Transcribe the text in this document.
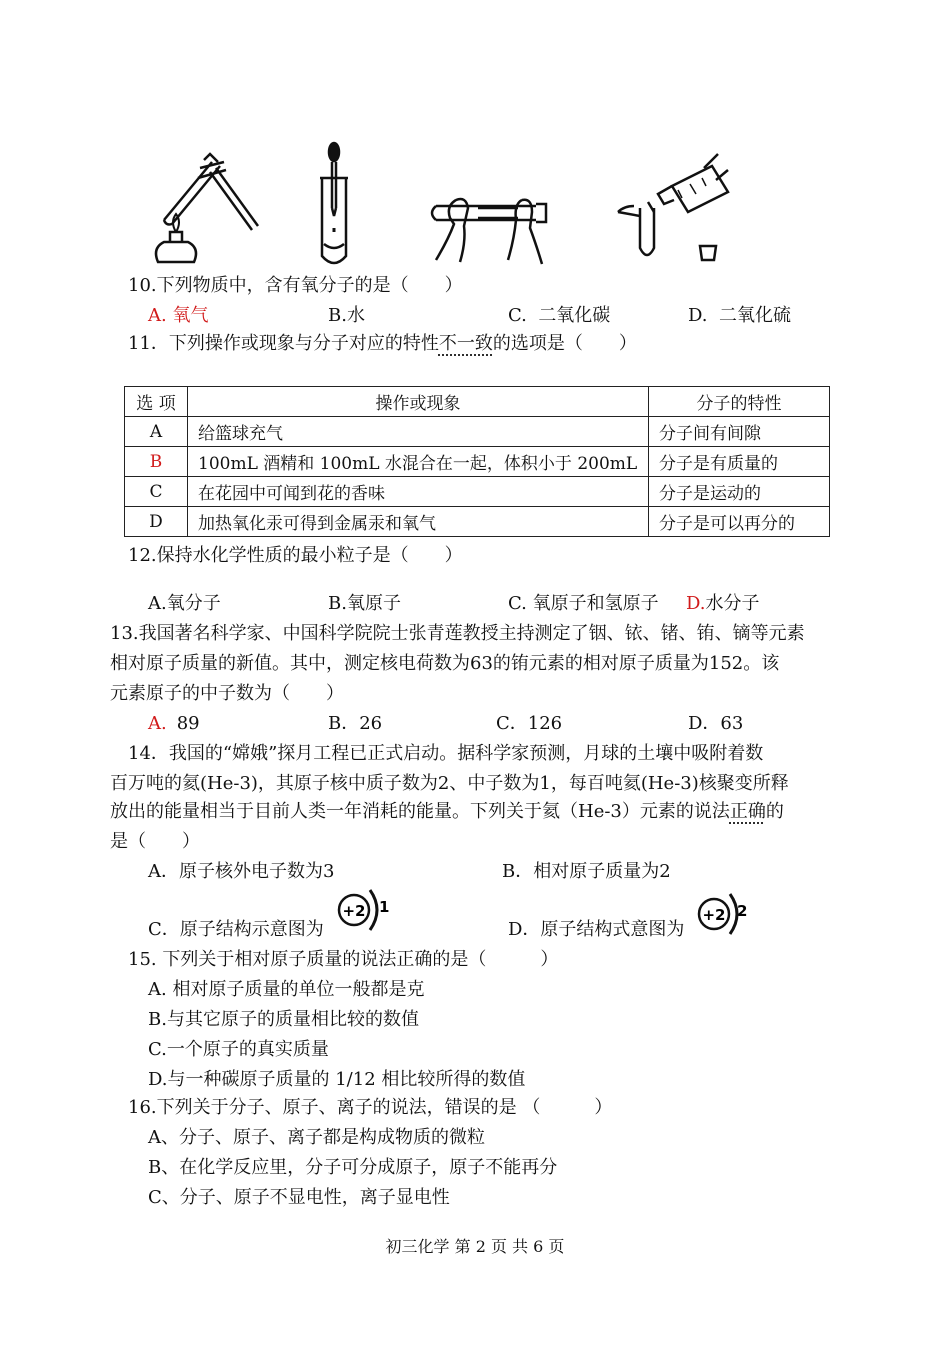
10.下列物质中，含有氧分子的是（　　）
A. 氧气	B.水	C. 二氧化碳	D. 二氧化硫
11．下列操作或现象与分子对应的特性不一致的选项是（　　）
选 项	操作或现象	分子的特性
A	给篮球充气	分子间有间隙
B	100mL 酒精和 100mL 水混合在一起，体积小于 200mL	分子是有质量的
C	在花园中可闻到花的香味	分子是运动的
D	加热氧化汞可得到金属汞和氧气	分子是可以再分的
12.保持水化学性质的最小粒子是（　　）
A.氧分子	B.氧原子	C. 氧原子和氢原子 D.水分子
13.我国著名科学家、中国科学院院士张青莲教授主持测定了铟、铱、锗、铕、镝等元素
相对原子质量的新值。其中，测定核电荷数为63的铕元素的相对原子质量为152。该
元素原子的中子数为（　　）
A. 89	B．26	C．126	D．63
14．我国的“嫦娥”探月工程已正式启动。据科学家预测，月球的土壤中吸附着数
百万吨的氦(He-3)，其原子核中质子数为2、中子数为1，每百吨氦(He-3)核聚变所释
放出的能量相当于目前人类一年消耗的能量。下列关于氦（He-3）元素的说法正确的
是（　　）
A．原子核外电子数为3	B．相对原子质量为2
C．原子结构示意图为	D．原子结构式意图为
+2 1	+2 2
15. 下列关于相对原子质量的说法正确的是（　　　）
A. 相对原子质量的单位一般都是克
B.与其它原子的质量相比较的数值
C.一个原子的真实质量
D.与一种碳原子质量的 1/12 相比较所得的数值
16.下列关于分子、原子、离子的说法，错误的是 （　　　）
A、分子、原子、离子都是构成物质的微粒
B、在化学反应里，分子可分成原子，原子不能再分
C、分子、原子不显电性，离子显电性
初三化学 第 2 页 共 6 页
